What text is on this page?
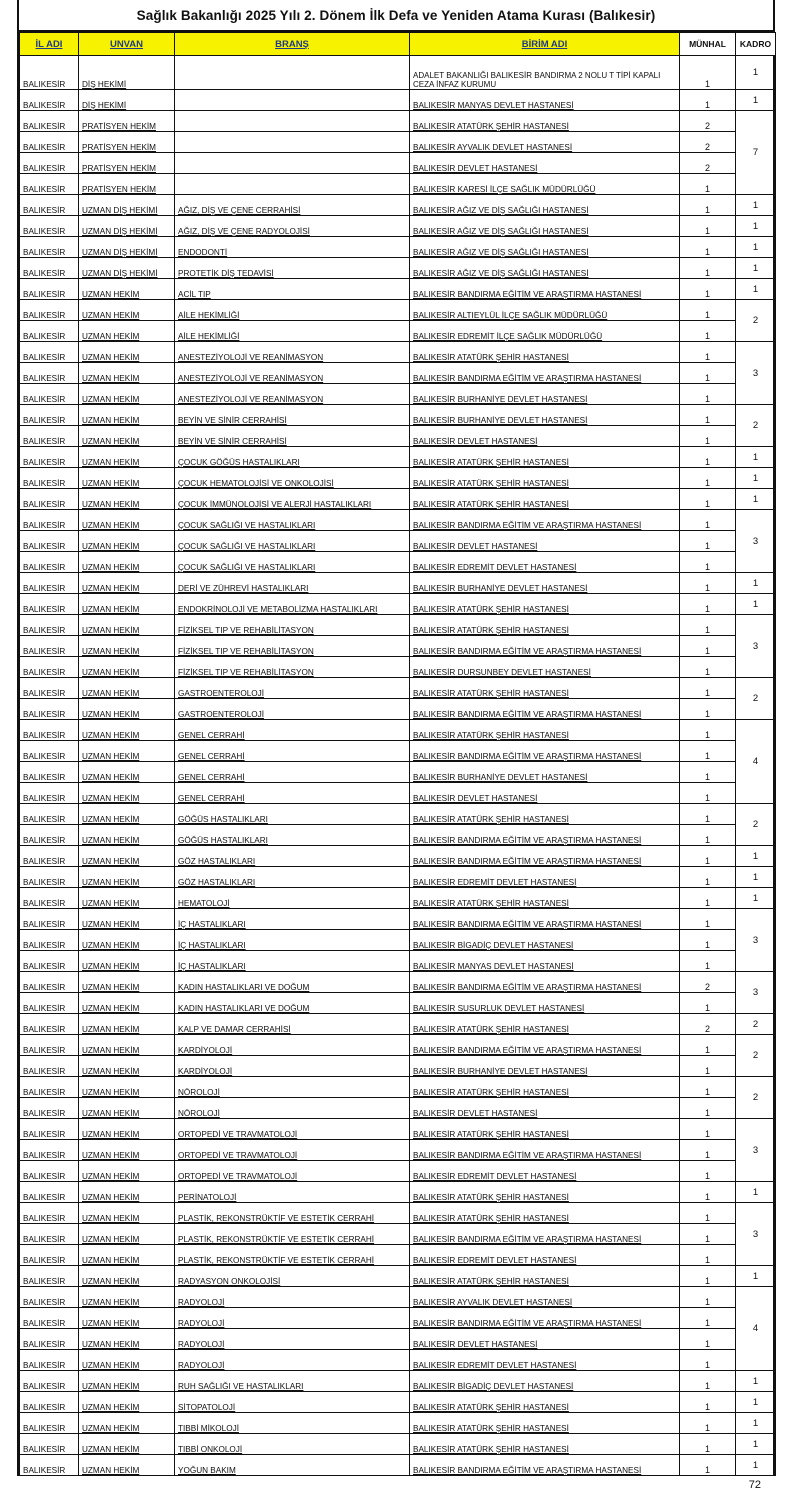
Sağlık Bakanlığı 2025 Yılı 2. Dönem İlk Defa ve Yeniden Atama Kurası (Balıkesir)
İL ADI	UNVAN	BRANŞ	BİRİM ADI	MÜNHAL	KADRO
BALIKESİR	DİŞ HEKİMİ		ADALET BAKANLIĞI BALIKESİR BANDIRMA 2 NOLU T TİPİ KAPALI CEZA İNFAZ KURUMU	1	1
BALIKESİR	DİŞ HEKİMİ		BALIKESİR MANYAS DEVLET HASTANESİ	1	1
BALIKESİR	PRATİSYEN HEKİM		BALIKESİR ATATÜRK ŞEHİR HASTANESİ	2	7
BALIKESİR	PRATİSYEN HEKİM		BALIKESİR AYVALIK DEVLET HASTANESİ	2	
BALIKESİR	PRATİSYEN HEKİM		BALIKESİR DEVLET HASTANESİ	2	
BALIKESİR	PRATİSYEN HEKİM		BALIKESİR KARESİ İLÇE SAĞLIK MÜDÜRLÜĞÜ	1	
BALIKESİR	UZMAN DİŞ HEKİMİ	AĞIZ, DİŞ VE ÇENE CERRAHİSİ	BALIKESİR AĞIZ VE DİŞ SAĞLIĞI HASTANESİ	1	1
BALIKESİR	UZMAN DİŞ HEKİMİ	AĞIZ, DİŞ VE ÇENE RADYOLOJİSİ	BALIKESİR AĞIZ VE DİŞ SAĞLIĞI HASTANESİ	1	1
BALIKESİR	UZMAN DİŞ HEKİMİ	ENDODONTİ	BALIKESİR AĞIZ VE DİŞ SAĞLIĞI HASTANESİ	1	1
BALIKESİR	UZMAN DİŞ HEKİMİ	PROTETİK DİŞ TEDAVİSİ	BALIKESİR AĞIZ VE DİŞ SAĞLIĞI HASTANESİ	1	1
BALIKESİR	UZMAN HEKİM	ACİL TIP	BALIKESİR BANDIRMA EĞİTİM VE ARAŞTIRMA HASTANESİ	1	1
BALIKESİR	UZMAN HEKİM	AİLE HEKİMLİĞİ	BALIKESİR ALTIEYLÜL İLÇE SAĞLIK MÜDÜRLÜĞÜ	1	2
BALIKESİR	UZMAN HEKİM	AİLE HEKİMLİĞİ	BALIKESİR EDREMİT İLÇE SAĞLIK MÜDÜRLÜĞÜ	1	
BALIKESİR	UZMAN HEKİM	ANESTEZİYOLOJİ VE REANİMASYON	BALIKESİR ATATÜRK ŞEHİR HASTANESİ	1	3
BALIKESİR	UZMAN HEKİM	ANESTEZİYOLOJİ VE REANİMASYON	BALIKESİR BANDIRMA EĞİTİM VE ARAŞTIRMA HASTANESİ	1	
BALIKESİR	UZMAN HEKİM	ANESTEZİYOLOJİ VE REANİMASYON	BALIKESİR BURHANİYE DEVLET HASTANESİ	1	
BALIKESİR	UZMAN HEKİM	BEYİN VE SİNİR CERRAHİSİ	BALIKESİR BURHANİYE DEVLET HASTANESİ	1	2
BALIKESİR	UZMAN HEKİM	BEYİN VE SİNİR CERRAHİSİ	BALIKESİR DEVLET HASTANESİ	1	
BALIKESİR	UZMAN HEKİM	ÇOCUK GÖĞÜS HASTALIKLARI	BALIKESİR ATATÜRK ŞEHİR HASTANESİ	1	1
BALIKESİR	UZMAN HEKİM	ÇOCUK HEMATOLOJİSİ VE ONKOLOJİSİ	BALIKESİR ATATÜRK ŞEHİR HASTANESİ	1	1
BALIKESİR	UZMAN HEKİM	ÇOCUK İMMÜNOLOJİSİ VE ALERJİ HASTALIKLARI	BALIKESİR ATATÜRK ŞEHİR HASTANESİ	1	1
BALIKESİR	UZMAN HEKİM	ÇOCUK SAĞLIĞI VE HASTALIKLARI	BALIKESİR BANDIRMA EĞİTİM VE ARAŞTIRMA HASTANESİ	1	3
BALIKESİR	UZMAN HEKİM	ÇOCUK SAĞLIĞI VE HASTALIKLARI	BALIKESİR DEVLET HASTANESİ	1	
BALIKESİR	UZMAN HEKİM	ÇOCUK SAĞLIĞI VE HASTALIKLARI	BALIKESİR EDREMİT DEVLET HASTANESİ	1	
BALIKESİR	UZMAN HEKİM	DERİ VE ZÜHREVİ HASTALIKLARI	BALIKESİR BURHANİYE DEVLET HASTANESİ	1	1
BALIKESİR	UZMAN HEKİM	ENDOKRİNOLOJİ VE METABOLİZMA HASTALIKLARI	BALIKESİR ATATÜRK ŞEHİR HASTANESİ	1	1
BALIKESİR	UZMAN HEKİM	FİZİKSEL TIP VE REHABİLİTASYON	BALIKESİR ATATÜRK ŞEHİR HASTANESİ	1	3
BALIKESİR	UZMAN HEKİM	FİZİKSEL TIP VE REHABİLİTASYON	BALIKESİR BANDIRMA EĞİTİM VE ARAŞTIRMA HASTANESİ	1	
BALIKESİR	UZMAN HEKİM	FİZİKSEL TIP VE REHABİLİTASYON	BALIKESİR DURSUNBEY DEVLET HASTANESİ	1	
BALIKESİR	UZMAN HEKİM	GASTROENTEROLOJİ	BALIKESİR ATATÜRK ŞEHİR HASTANESİ	1	2
BALIKESİR	UZMAN HEKİM	GASTROENTEROLOJİ	BALIKESİR BANDIRMA EĞİTİM VE ARAŞTIRMA HASTANESİ	1	
BALIKESİR	UZMAN HEKİM	GENEL CERRAHİ	BALIKESİR ATATÜRK ŞEHİR HASTANESİ	1	4
BALIKESİR	UZMAN HEKİM	GENEL CERRAHİ	BALIKESİR BANDIRMA EĞİTİM VE ARAŞTIRMA HASTANESİ	1	
BALIKESİR	UZMAN HEKİM	GENEL CERRAHİ	BALIKESİR BURHANİYE DEVLET HASTANESİ	1	
BALIKESİR	UZMAN HEKİM	GENEL CERRAHİ	BALIKESİR DEVLET HASTANESİ	1	
BALIKESİR	UZMAN HEKİM	GÖĞÜS HASTALIKLARI	BALIKESİR ATATÜRK ŞEHİR HASTANESİ	1	2
BALIKESİR	UZMAN HEKİM	GÖĞÜS HASTALIKLARI	BALIKESİR BANDIRMA EĞİTİM VE ARAŞTIRMA HASTANESİ	1	
BALIKESİR	UZMAN HEKİM	GÖZ HASTALIKLARI	BALIKESİR BANDIRMA EĞİTİM VE ARAŞTIRMA HASTANESİ	1	1
BALIKESİR	UZMAN HEKİM	GÖZ HASTALIKLARI	BALIKESİR EDREMİT DEVLET HASTANESİ	1	1
BALIKESİR	UZMAN HEKİM	HEMATOLOJİ	BALIKESİR ATATÜRK ŞEHİR HASTANESİ	1	1
BALIKESİR	UZMAN HEKİM	İÇ HASTALIKLARI	BALIKESİR BANDIRMA EĞİTİM VE ARAŞTIRMA HASTANESİ	1	3
BALIKESİR	UZMAN HEKİM	İÇ HASTALIKLARI	BALIKESİR BİGADİÇ DEVLET HASTANESİ	1	
BALIKESİR	UZMAN HEKİM	İÇ HASTALIKLARI	BALIKESİR MANYAS DEVLET HASTANESİ	1	
BALIKESİR	UZMAN HEKİM	KADIN HASTALIKLARI VE DOĞUM	BALIKESİR BANDIRMA EĞİTİM VE ARAŞTIRMA HASTANESİ	2	3
BALIKESİR	UZMAN HEKİM	KADIN HASTALIKLARI VE DOĞUM	BALIKESİR SUSURLUK DEVLET HASTANESİ	1	
BALIKESİR	UZMAN HEKİM	KALP VE DAMAR CERRAHİSİ	BALIKESİR ATATÜRK ŞEHİR HASTANESİ	2	2
BALIKESİR	UZMAN HEKİM	KARDİYOLOJİ	BALIKESİR BANDIRMA EĞİTİM VE ARAŞTIRMA HASTANESİ	1	2
BALIKESİR	UZMAN HEKİM	KARDİYOLOJİ	BALIKESİR BURHANİYE DEVLET HASTANESİ	1	
BALIKESİR	UZMAN HEKİM	NÖROLOJİ	BALIKESİR ATATÜRK ŞEHİR HASTANESİ	1	2
BALIKESİR	UZMAN HEKİM	NÖROLOJİ	BALIKESİR DEVLET HASTANESİ	1	
BALIKESİR	UZMAN HEKİM	ORTOPEDİ VE TRAVMATOLOJİ	BALIKESİR ATATÜRK ŞEHİR HASTANESİ	1	3
BALIKESİR	UZMAN HEKİM	ORTOPEDİ VE TRAVMATOLOJİ	BALIKESİR BANDIRMA EĞİTİM VE ARAŞTIRMA HASTANESİ	1	
BALIKESİR	UZMAN HEKİM	ORTOPEDİ VE TRAVMATOLOJİ	BALIKESİR EDREMİT DEVLET HASTANESİ	1	
BALIKESİR	UZMAN HEKİM	PERİNATOLOJİ	BALIKESİR ATATÜRK ŞEHİR HASTANESİ	1	1
BALIKESİR	UZMAN HEKİM	PLASTİK, REKONSTRÜKTİF VE ESTETİK CERRAHİ	BALIKESİR ATATÜRK ŞEHİR HASTANESİ	1	3
BALIKESİR	UZMAN HEKİM	PLASTİK, REKONSTRÜKTİF VE ESTETİK CERRAHİ	BALIKESİR BANDIRMA EĞİTİM VE ARAŞTIRMA HASTANESİ	1	
BALIKESİR	UZMAN HEKİM	PLASTİK, REKONSTRÜKTİF VE ESTETİK CERRAHİ	BALIKESİR EDREMİT DEVLET HASTANESİ	1	
BALIKESİR	UZMAN HEKİM	RADYASYON ONKOLOJİSİ	BALIKESİR ATATÜRK ŞEHİR HASTANESİ	1	1
BALIKESİR	UZMAN HEKİM	RADYOLOJİ	BALIKESİR AYVALIK DEVLET HASTANESİ	1	4
BALIKESİR	UZMAN HEKİM	RADYOLOJİ	BALIKESİR BANDIRMA EĞİTİM VE ARAŞTIRMA HASTANESİ	1	
BALIKESİR	UZMAN HEKİM	RADYOLOJİ	BALIKESİR DEVLET HASTANESİ	1	
BALIKESİR	UZMAN HEKİM	RADYOLOJİ	BALIKESİR EDREMİT DEVLET HASTANESİ	1	
BALIKESİR	UZMAN HEKİM	RUH SAĞLIĞI VE HASTALIKLARI	BALIKESİR BİGADİÇ DEVLET HASTANESİ	1	1
BALIKESİR	UZMAN HEKİM	SİTOPATOLOJİ	BALIKESİR ATATÜRK ŞEHİR HASTANESİ	1	1
BALIKESİR	UZMAN HEKİM	TIBBİ MİKOLOJİ	BALIKESİR ATATÜRK ŞEHİR HASTANESİ	1	1
BALIKESİR	UZMAN HEKİM	TIBBİ ONKOLOJİ	BALIKESİR ATATÜRK ŞEHİR HASTANESİ	1	1
BALIKESİR	UZMAN HEKİM	YOĞUN BAKIM	BALIKESİR BANDIRMA EĞİTİM VE ARAŞTIRMA HASTANESİ	1	1
72
